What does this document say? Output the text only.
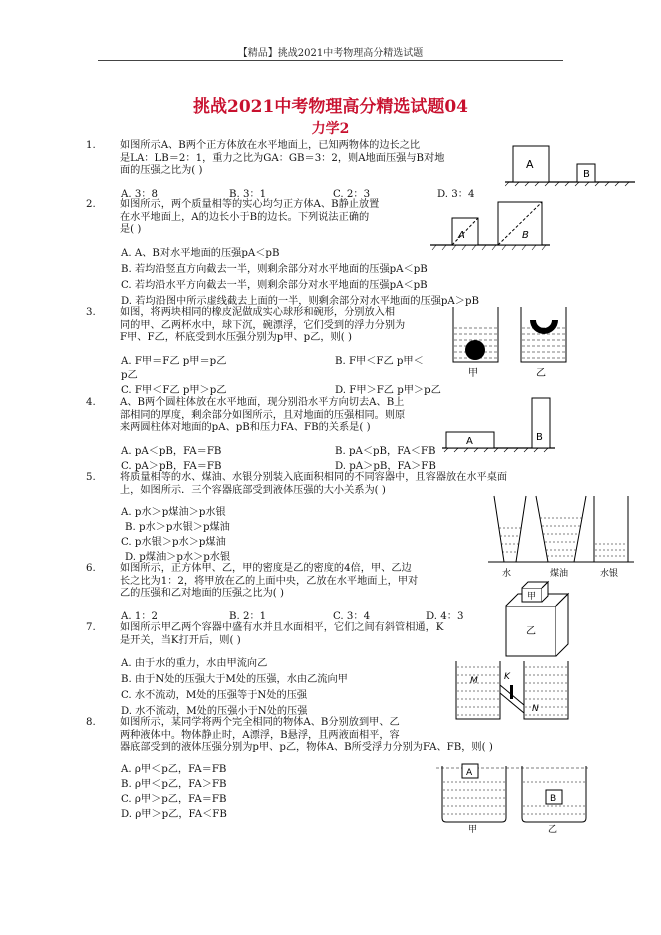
【精品】挑战2021中考物理高分精选试题
挑战2021中考物理高分精选试题04
力学2
1. 如图所示A、B两个正方体放在水平地面上，已知两物体的边长之比
是LA：LB＝2：1，重力之比为GA：GB＝3：2，则A地面压强与B对地
面的压强之比为( )
A. 3：8	B. 3：1	C. 2：3	D. 3：4
A
B
2. 如图所示，两个质量相等的实心均匀正方体A、B静止放置
在水平地面上，A的边长小于B的边长。下列说法正确的
是( )
A. A、B对水平地面的压强pA＜pB
B. 若均沿竖直方向截去一半，则剩余部分对水平地面的压强pA＜pB
C. 若均沿水平方向截去一半，则剩余部分对水平地面的压强pA＜pB
D. 若均沿图中所示虚线截去上面的一半，则剩余部分对水平地面的压强pA＞pB
A	B
3. 如图，将两块相同的橡皮泥做成实心球形和碗形，分别放入相
同的甲、乙两杯水中，球下沉，碗漂浮，它们受到的浮力分别为
F甲、F乙，杯底受到水压强分别为p甲、p乙，则( )
A. F甲＝F乙 p甲＝p乙	B. F甲＜F乙 p甲＜
p乙
C. F甲＜F乙 p甲＞p乙	D. F甲＞F乙 p甲＞p乙
甲	乙
4. A、B两个圆柱体放在水平地面，现分别沿水平方向切去A、B上
部相同的厚度，剩余部分如图所示，且对地面的压强相同。则原
来两圆柱体对地面的pA、pB和压力FA、FB的关系是( )
A. pA＜pB，FA＝FB	B. pA＜pB，FA＜FB
C. pA＞pB，FA＝FB	D. pA＞pB，FA＞FB
A	B
5. 将质量相等的水、煤油、水银分别装入底面积相同的不同容器中，且容器放在水平桌面
上，如图所示．三个容器底部受到液体压强的大小关系为( )
A. p水＞p煤油＞p水银
B. p水＞p水银＞p煤油
C. p水银＞p水＞p煤油
D. p煤油＞p水＞p水银
水	煤油	水银
6. 如图所示，正方体甲、乙，甲的密度是乙的密度的4倍，甲、乙边
长之比为1：2，将甲放在乙的上面中央，乙放在水平地面上，甲对
乙的压强和乙对地面的压强之比为( )
A. 1：2	B. 2：1	C. 3：4	D. 4：3
甲
乙
7. 如图所示甲乙两个容器中盛有水并且水面相平，它们之间有斜管相通，K
是开关，当K打开后，则( )
A. 由于水的重力，水由甲流向乙
B. 由于N处的压强大于M处的压强，水由乙流向甲
C. 水不流动，M处的压强等于N处的压强
D. 水不流动，M处的压强小于N处的压强
M	K
N
8. 如图所示，某同学将两个完全相同的物体A、B分别放到甲、乙
两种液体中。物体静止时，A漂浮，B悬浮，且两液面相平，容
器底部受到的液体压强分别为p甲、p乙，物体A、B所受浮力分别为FA、FB，则( )
A. ρ甲＜p乙，FA＝FB
B. ρ甲＜p乙，FA＞FB
C. ρ甲＞p乙，FA＝FB
D. ρ甲＞p乙，FA＜FB
A
B
甲	乙
